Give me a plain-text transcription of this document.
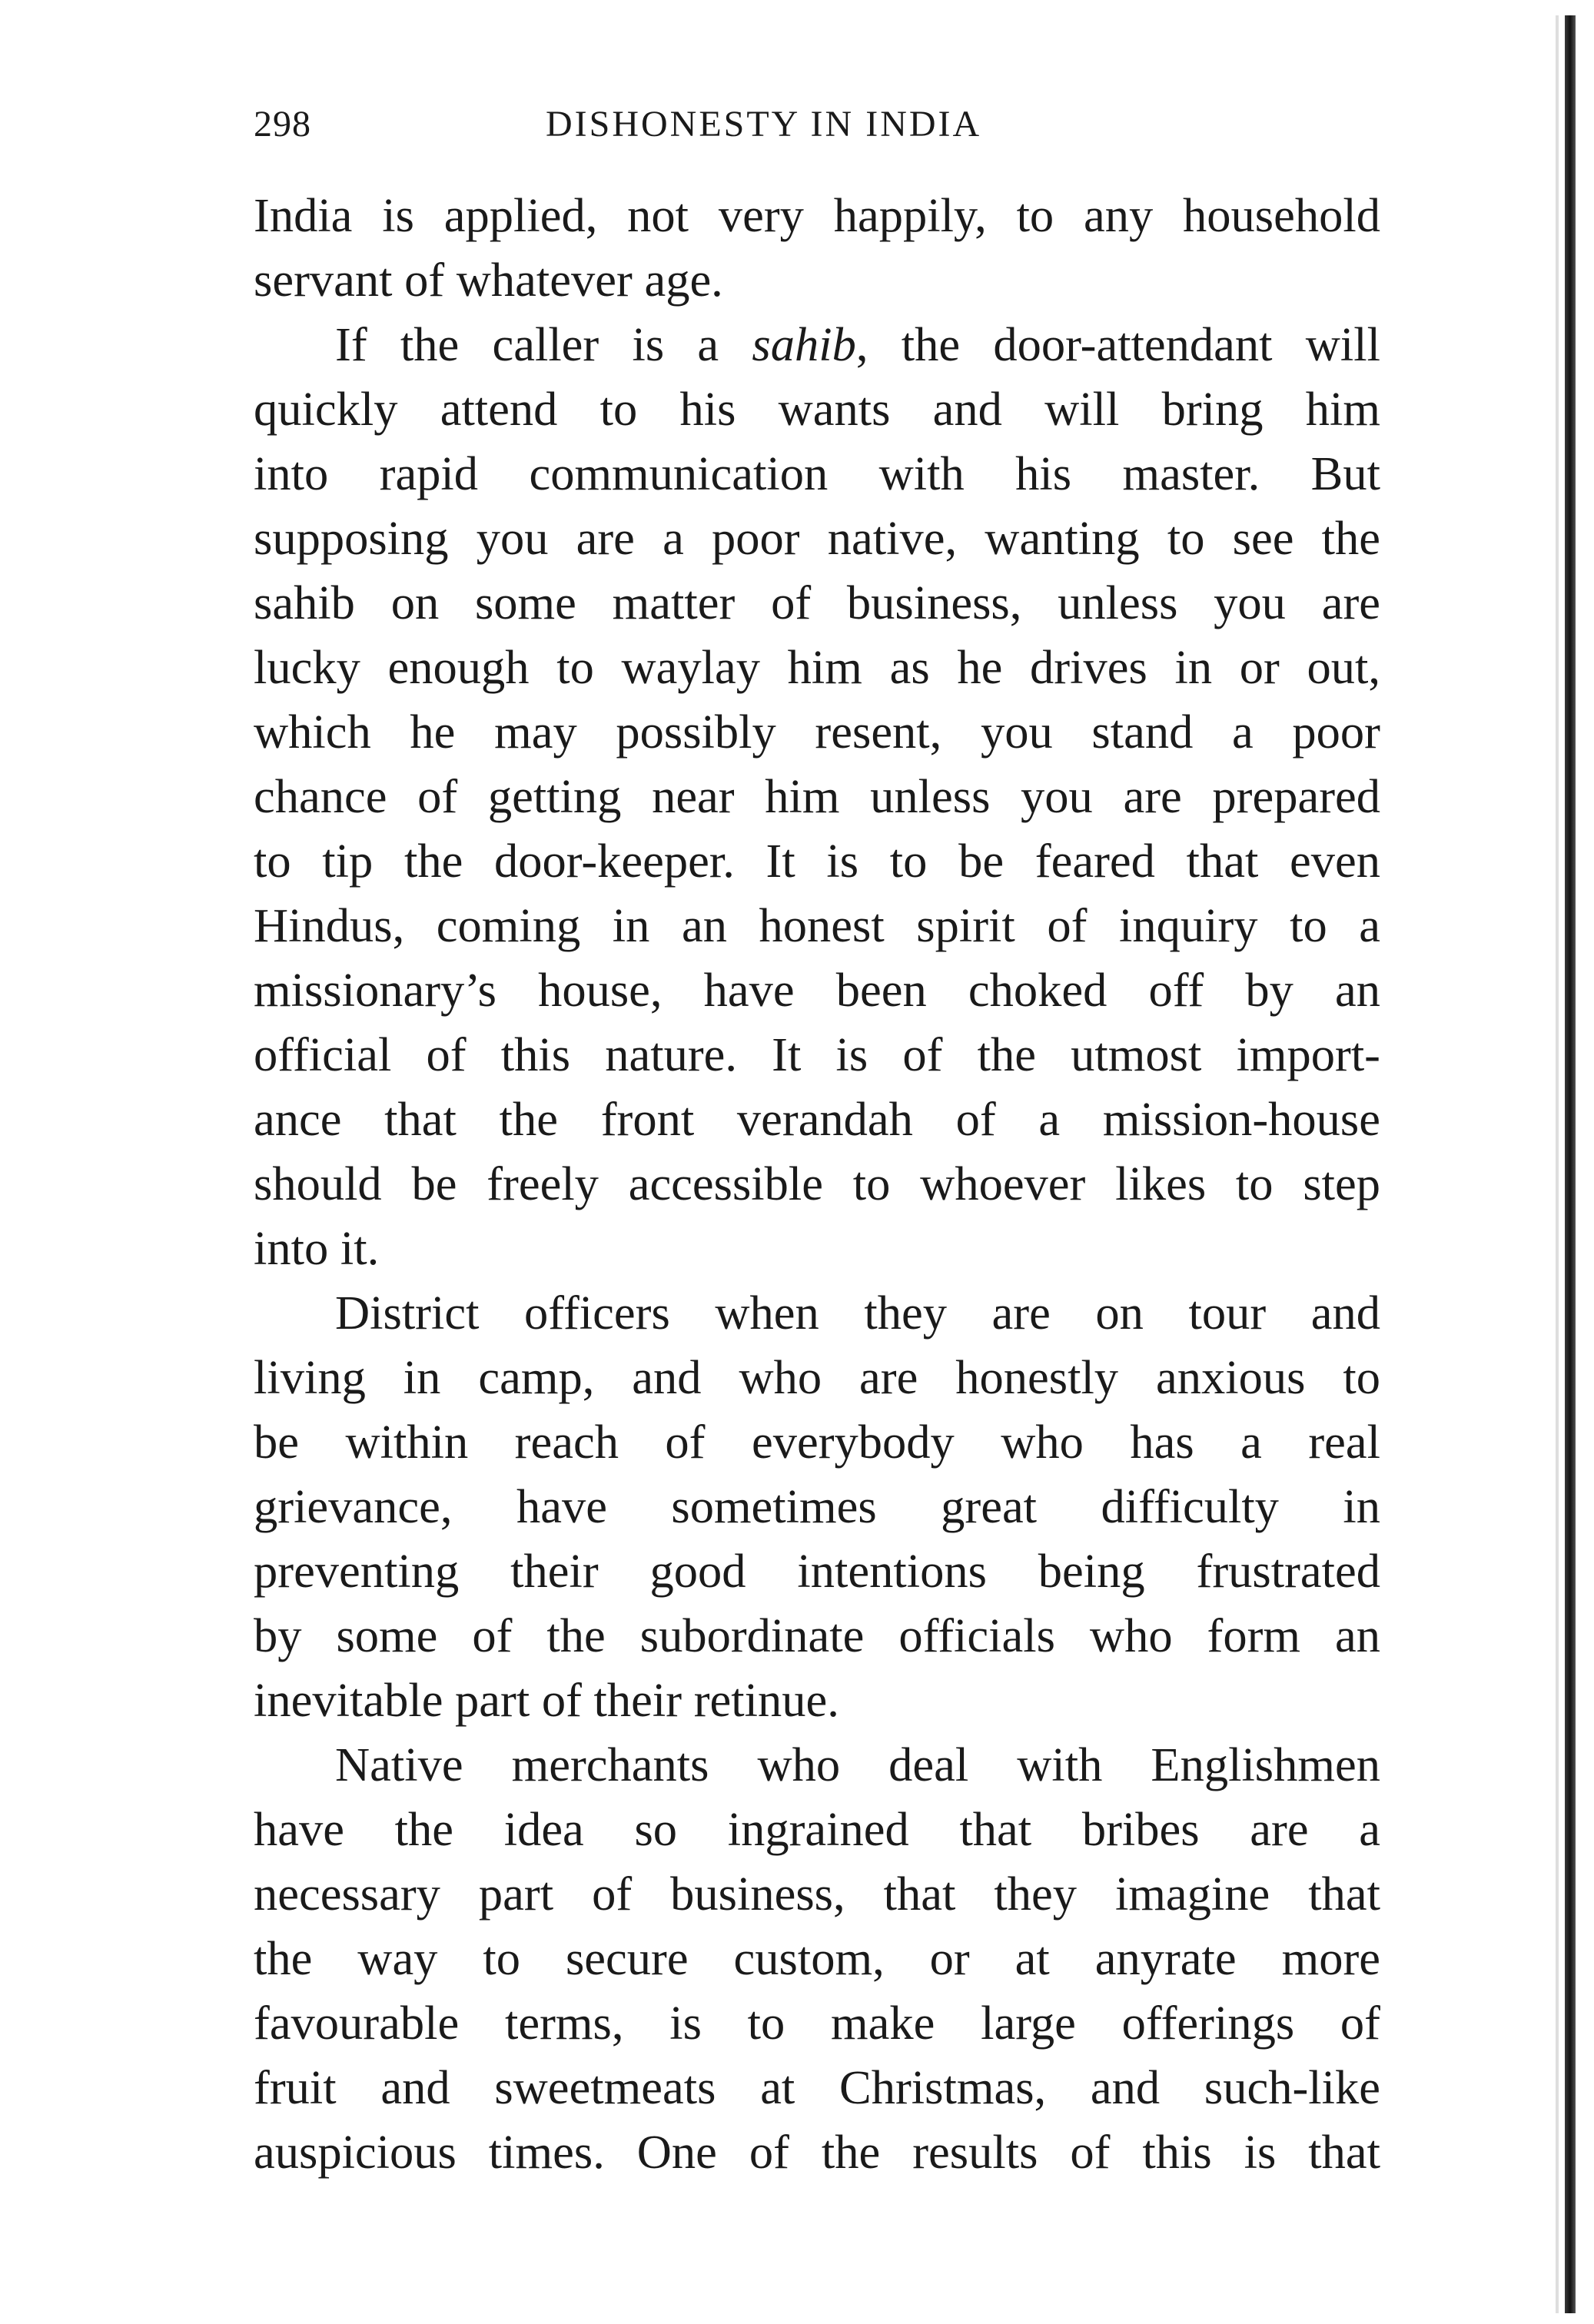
298	DISHONESTY IN INDIA
India is applied, not very happily, to any household
servant of whatever age.
If the caller is a sahib, the door-attendant will
quickly attend to his wants and will bring him
into rapid communication with his master. But
supposing you are a poor native, wanting to see the
sahib on some matter of business, unless you are
lucky enough to waylay him as he drives in or out,
which he may possibly resent, you stand a poor
chance of getting near him unless you are prepared
to tip the door-keeper. It is to be feared that even
Hindus, coming in an honest spirit of inquiry to a
missionary’s house, have been choked off by an
official of this nature. It is of the utmost import-
ance that the front verandah of a mission-house
should be freely accessible to whoever likes to step
into it.
District officers when they are on tour and
living in camp, and who are honestly anxious to
be within reach of everybody who has a real
grievance, have sometimes great difficulty in
preventing their good intentions being frustrated
by some of the subordinate officials who form an
inevitable part of their retinue.
Native merchants who deal with Englishmen
have the idea so ingrained that bribes are a
necessary part of business, that they imagine that
the way to secure custom, or at anyrate more
favourable terms, is to make large offerings of
fruit and sweetmeats at Christmas, and such-like
auspicious times. One of the results of this is that
